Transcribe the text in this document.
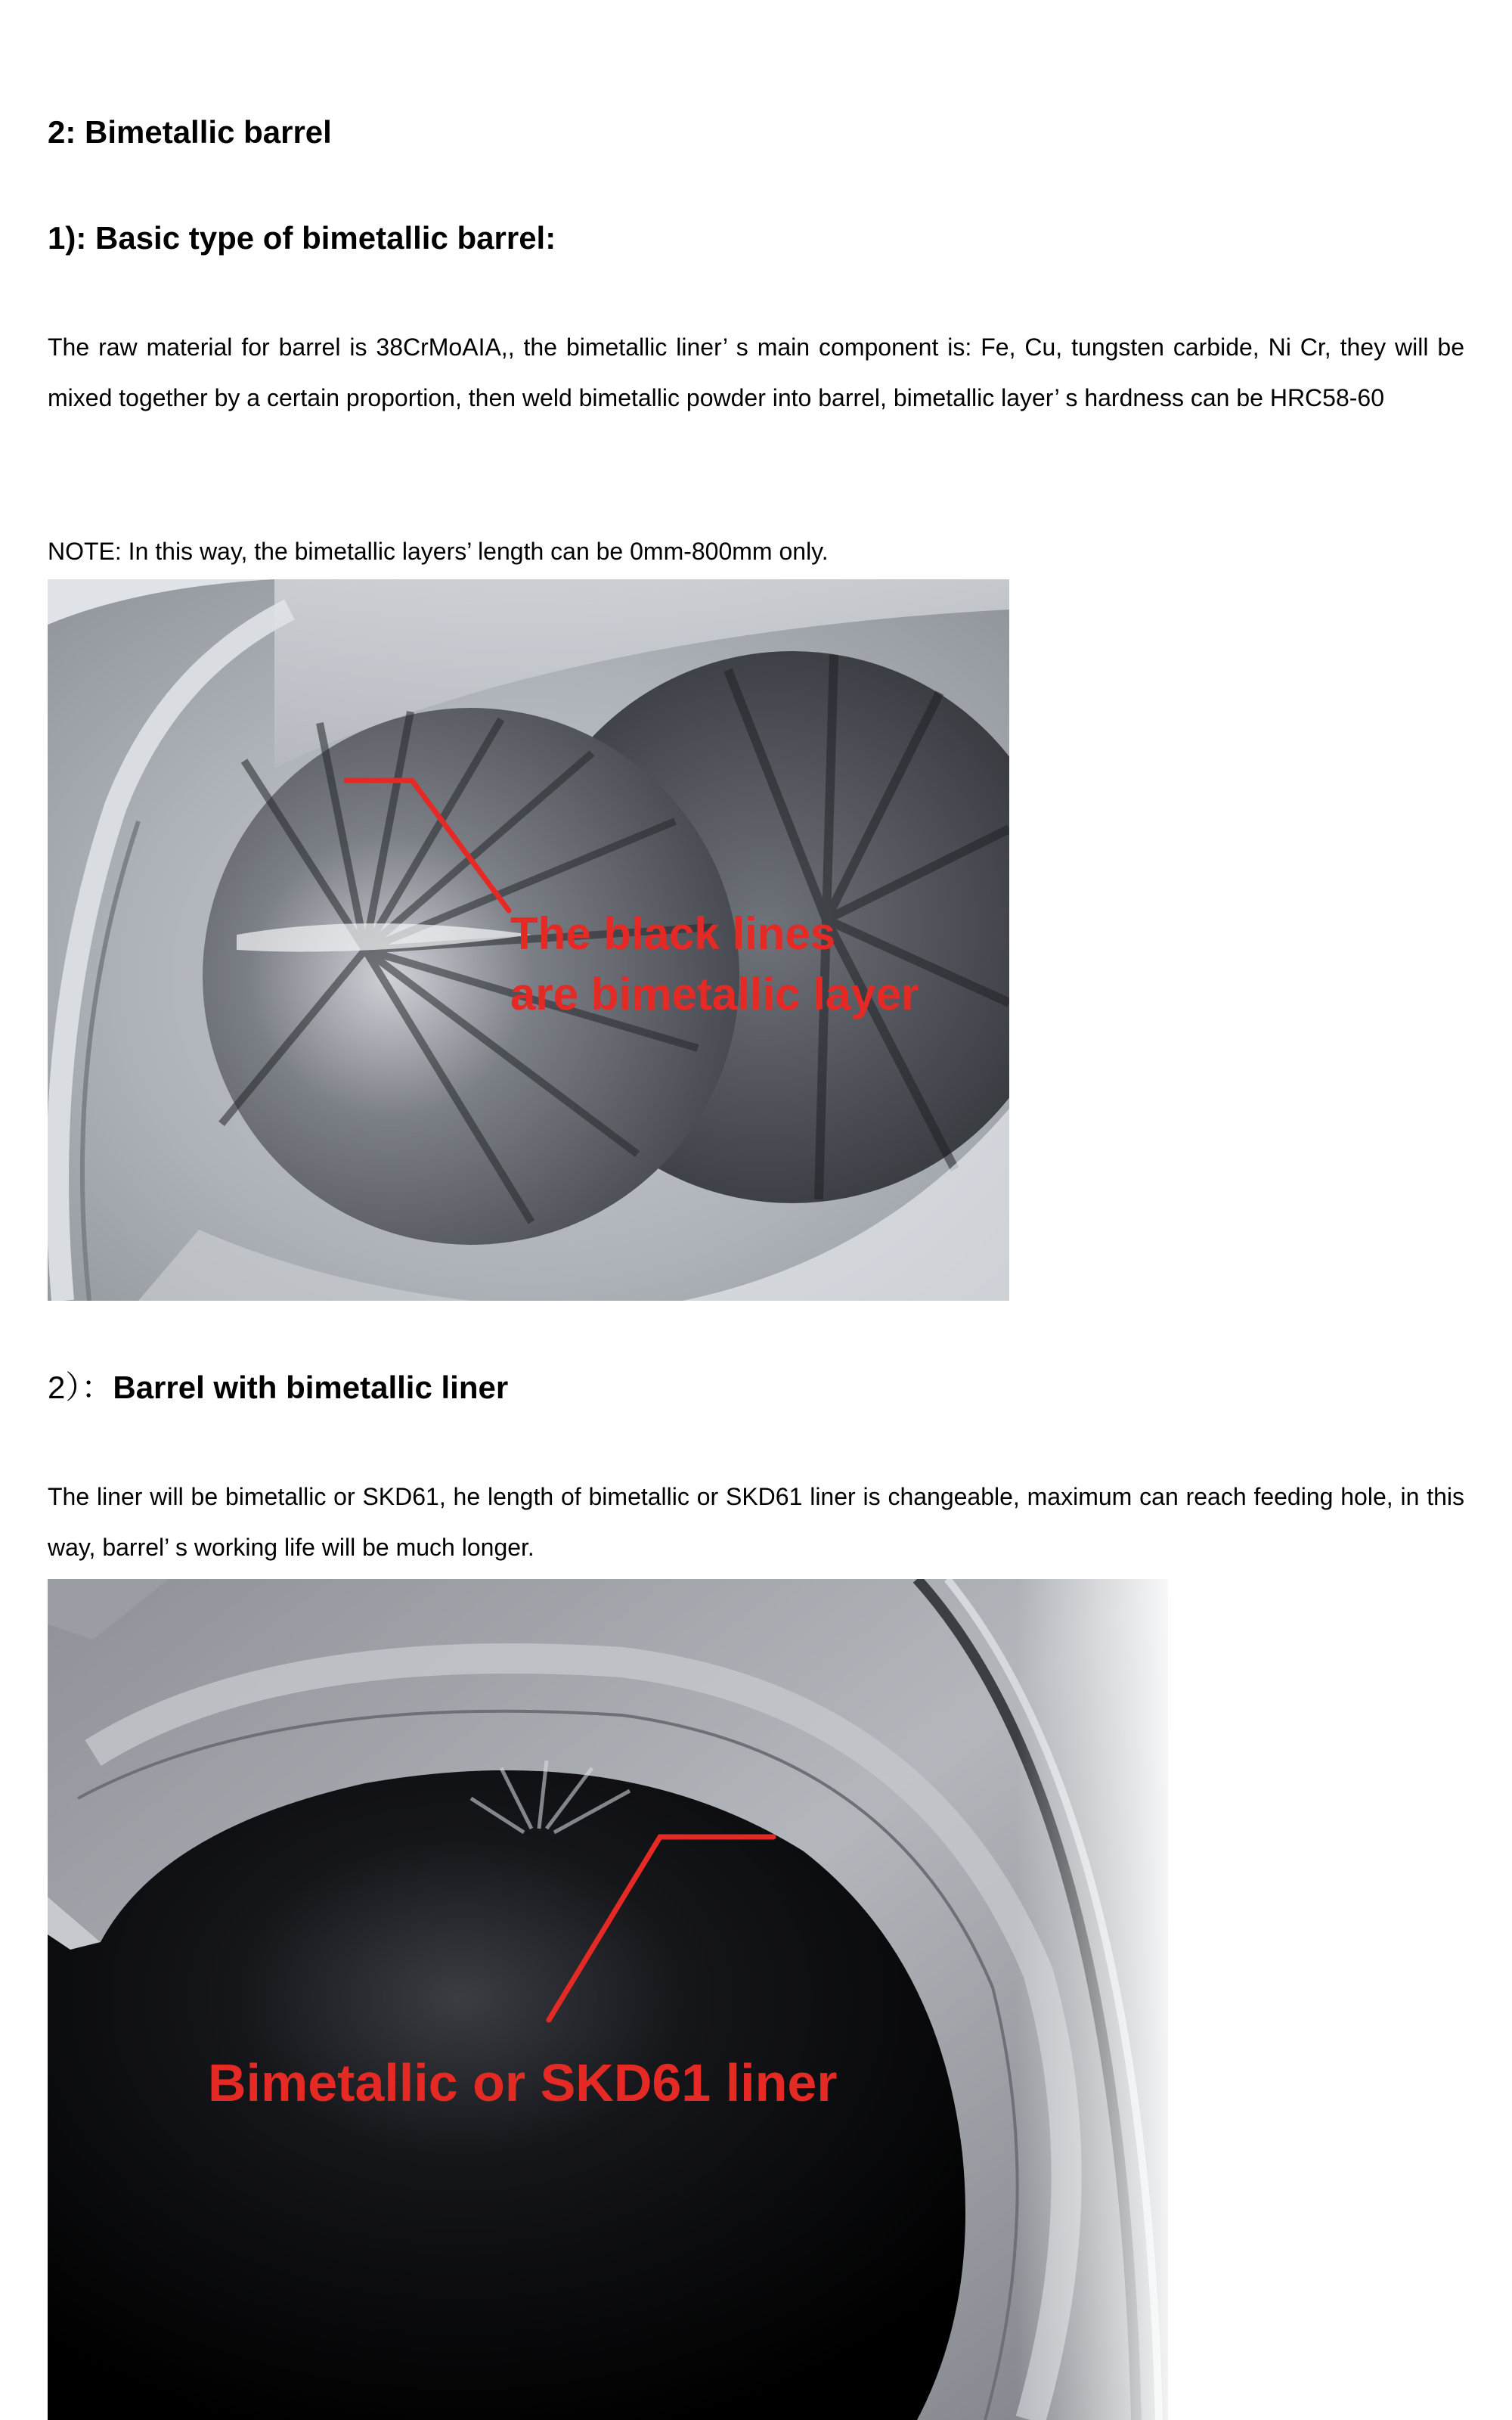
2: Bimetallic barrel
1): Basic type of bimetallic barrel:

The raw material for barrel is 38CrMoAIA,, the bimetallic liner’ s main component is: Fe, Cu, tungsten carbide, Ni Cr, they will be mixed together by a certain proportion, then weld bimetallic powder into barrel, bimetallic layer’ s hardness can be HRC58-60

NOTE: In this way, the bimetallic layers’ length can be 0mm-800mm only.

The black lines
are bimetallic layer
2）：Barrel with bimetallic liner

The liner will be bimetallic or SKD61, he length of bimetallic or SKD61 liner is changeable, maximum can reach feeding hole, in this way, barrel’ s working life will be much longer.

Bimetallic or SKD61 liner
